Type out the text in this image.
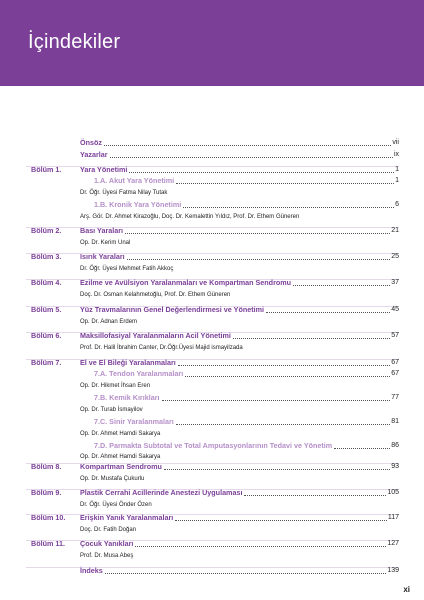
İçindekiler
Önsöz	vii
Yazarlar	ix
Bölüm 1.	Yara Yönetimi	1
1.A. Akut Yara Yönetimi	1
Dr. Öğr. Üyesi Fatma Nilay Tutak
1.B. Kronik Yara Yönetimi	6
Arş. Gör. Dr. Ahmet Kirazoğlu, Doç. Dr. Kemalettin Yıldız, Prof. Dr. Ethem Güneren
Bölüm 2.	Bası Yaraları	21
Op. Dr. Kerim Unal
Bölüm 3.	Isırık Yaraları	25
Dr. Öğr. Üyesi Mehmet Fatih Akkoç
Bölüm 4.	Ezilme ve Avülsiyon Yaralanmaları ve Kompartman Sendromu	37
Doç. Dr. Osman Kelahmetoğlu, Prof. Dr. Ethem Güneren
Bölüm 5.	Yüz Travmalarının Genel Değerlendirmesi ve Yönetimi	45
Op. Dr. Adnan Erdem
Bölüm 6.	Maksillofasiyal Yaralanmaların Acil Yönetimi	57
Prof. Dr. Halil İbrahim Canter, Dr.Öğr.Üyesi Majid ismayilzada
Bölüm 7.	El ve El Bileği Yaralanmaları	67
7.A. Tendon Yaralanmaları	67
Op. Dr. Hikmet İhsan Eren
7.B. Kemik Kırıkları	77
Op. Dr. Turab İsmayilov
7.C. Sinir Yaralanmaları	81
Op. Dr. Ahmet Hamdi Sakarya
7.D. Parmakta Subtotal ve Total Amputasyonlarının Tedavi ve Yönetim	86
Op. Dr. Ahmet Hamdi Sakarya
Bölüm 8.	Kompartman Sendromu	93
Op. Dr. Mustafa Çukurlu
Bölüm 9.	Plastik Cerrahi Acillerinde Anestezi Uygulaması	105
Dr. Öğr. Üyesi Önder Özen
Bölüm 10. Erişkin Yanık Yaralanmaları	117
Doç. Dr. Fatih Doğan
Bölüm 11. Çocuk Yanıkları	127
Prof. Dr. Musa Abeş
İndeks	139
xi
